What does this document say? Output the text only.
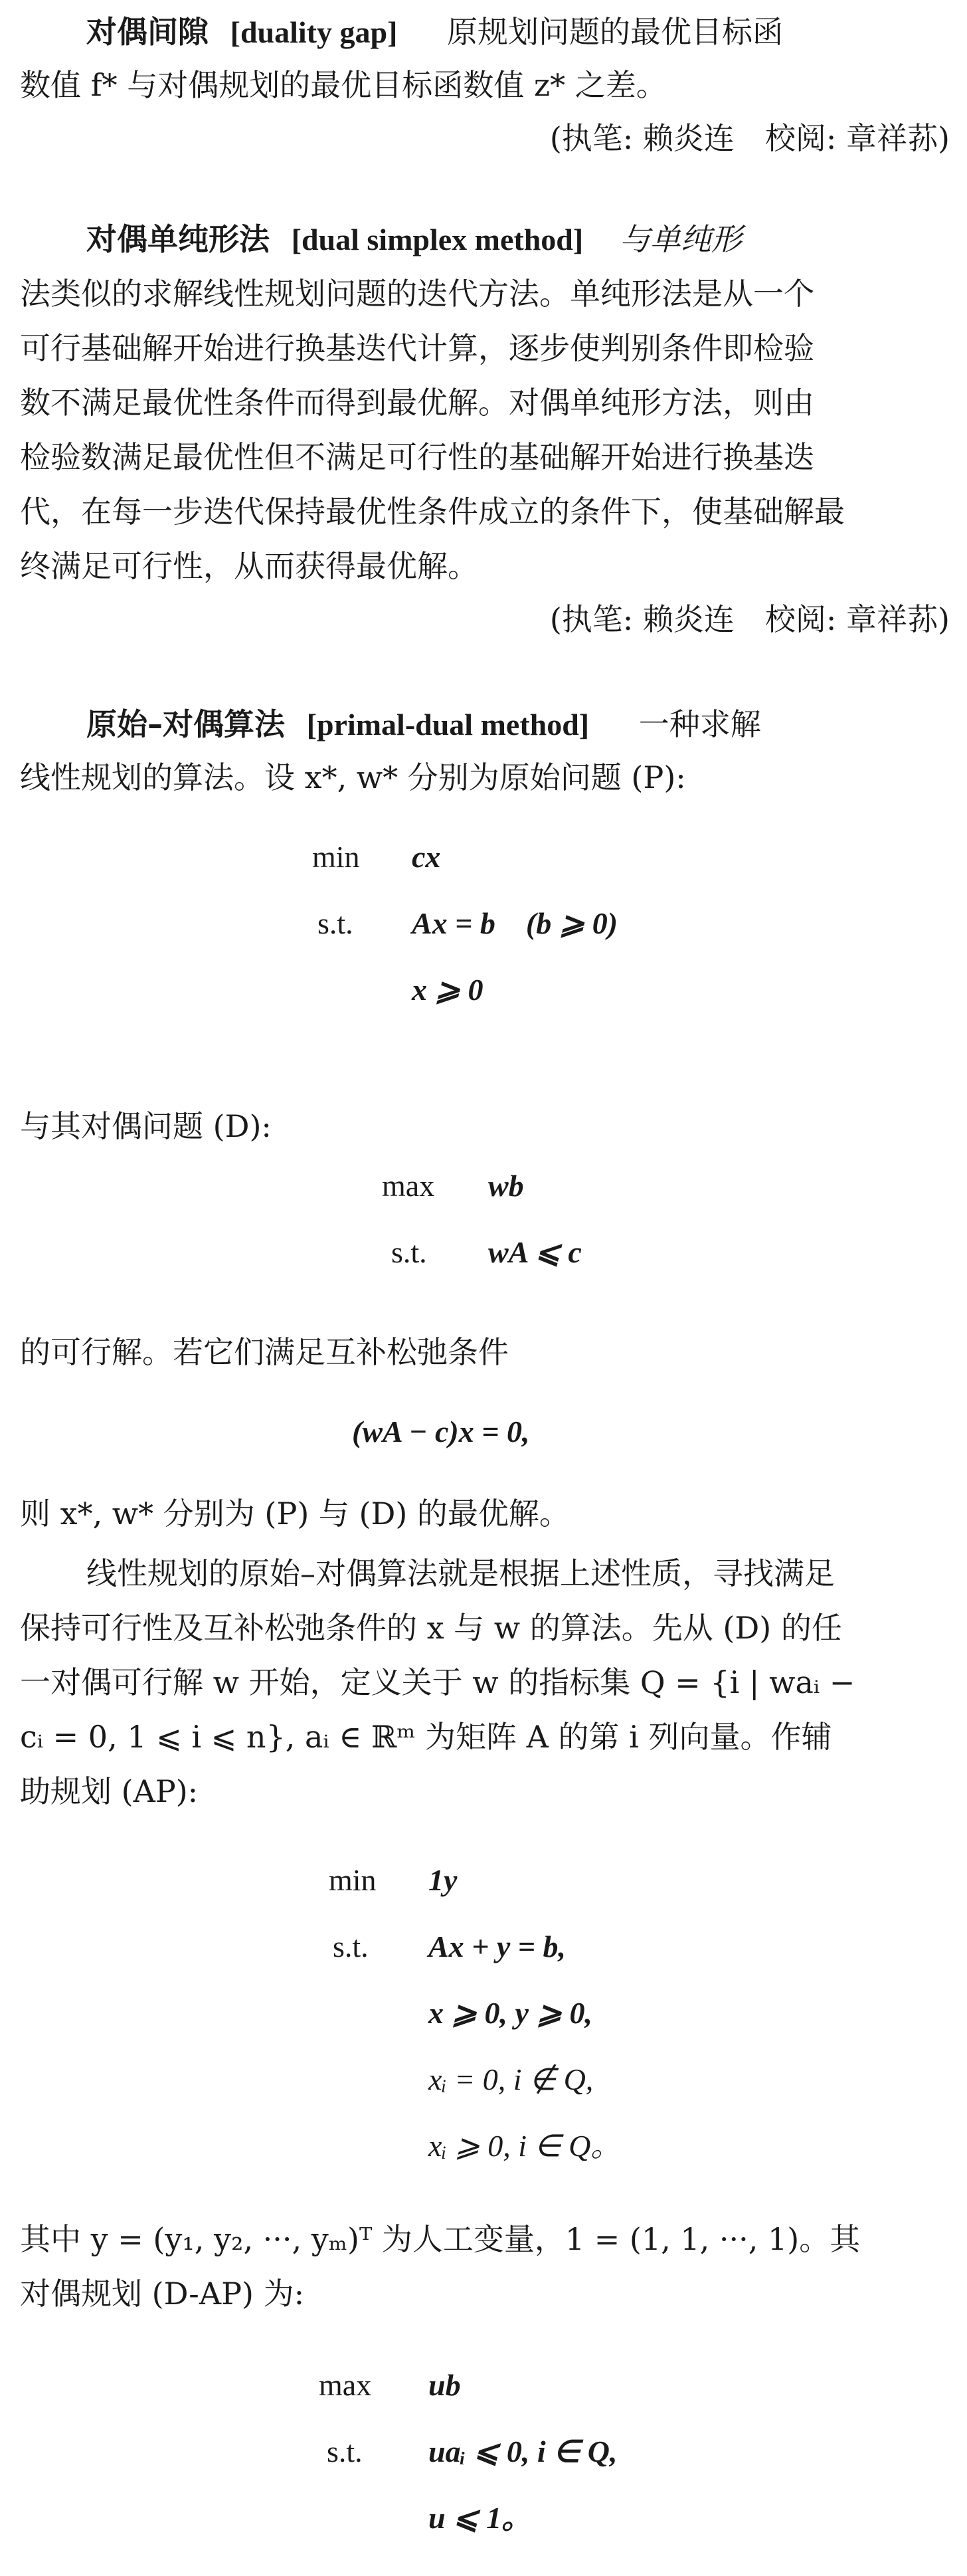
对偶间隙 [duality gap] 原规划问题的最优目标函
数值 f* 与对偶规划的最优目标函数值 z* 之差。
(执笔: 赖炎连　校阅: 章祥荪)
对偶单纯形法 [dual simplex method] 与单纯形
法类似的求解线性规划问题的迭代方法。单纯形法是从一个
可行基础解开始进行换基迭代计算，逐步使判别条件即检验
数不满足最优性条件而得到最优解。对偶单纯形方法，则由
检验数满足最优性但不满足可行性的基础解开始进行换基迭
代，在每一步迭代保持最优性条件成立的条件下，使基础解最
终满足可行性，从而获得最优解。
(执笔: 赖炎连　校阅: 章祥荪)
原始–对偶算法 [primal-dual method] 一种求解
线性规划的算法。设 x*, w* 分别为原始问题 (P):
min cx
s.t. Ax = b　(b ⩾ 0)
x ⩾ 0
与其对偶问题 (D):
max wb
s.t. wA ⩽ c
的可行解。若它们满足互补松弛条件
(wA − c)x = 0,
则 x*, w* 分别为 (P) 与 (D) 的最优解。
线性规划的原始–对偶算法就是根据上述性质，寻找满足
保持可行性及互补松弛条件的 x 与 w 的算法。先从 (D) 的任
一对偶可行解 w 开始，定义关于 w 的指标集 Q = {i | waᵢ −
cᵢ = 0, 1 ⩽ i ⩽ n}, aᵢ ∈ ℝᵐ 为矩阵 A 的第 i 列向量。作辅
助规划 (AP):
min 1y
s.t. Ax + y = b,
x ⩾ 0, y ⩾ 0,
xᵢ = 0, i ∉ Q,
xᵢ ⩾ 0, i ∈ Q。
其中 y = (y₁, y₂, ···, yₘ)ᵀ 为人工变量，1 = (1, 1, ···, 1)。其
对偶规划 (D-AP) 为:
max ub
s.t. uaᵢ ⩽ 0, i ∈ Q,
u ⩽ 1。
